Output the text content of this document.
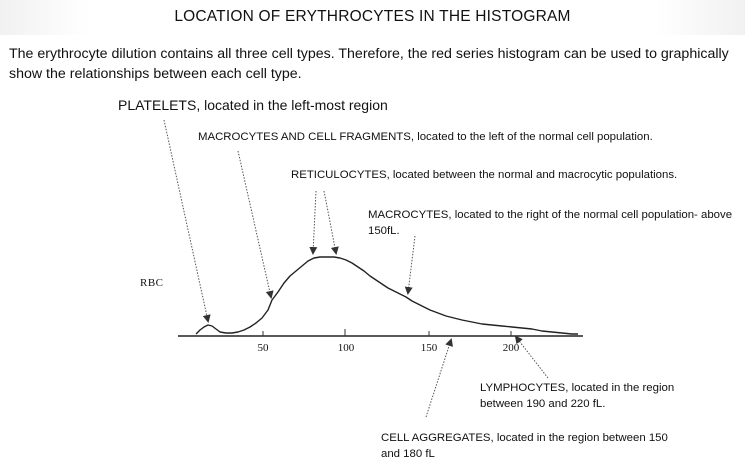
LOCATION OF ERYTHROCYTES IN THE HISTOGRAM
The erythrocyte dilution contains all three cell types. Therefore, the red series histogram can be used to graphically show the relationships between each cell type.
RBC
50	100	150	200
PLATELETS, located in the left-most region
MACROCYTES AND CELL FRAGMENTS, located to the left of the normal cell population.
RETICULOCYTES, located between the normal and macrocytic populations.
MACROCYTES, located to the right of the normal cell population- above 150fL.
LYMPHOCYTES, located in the region between 190 and 220 fL.
CELL AGGREGATES, located in the region between 150 and 180 fL
